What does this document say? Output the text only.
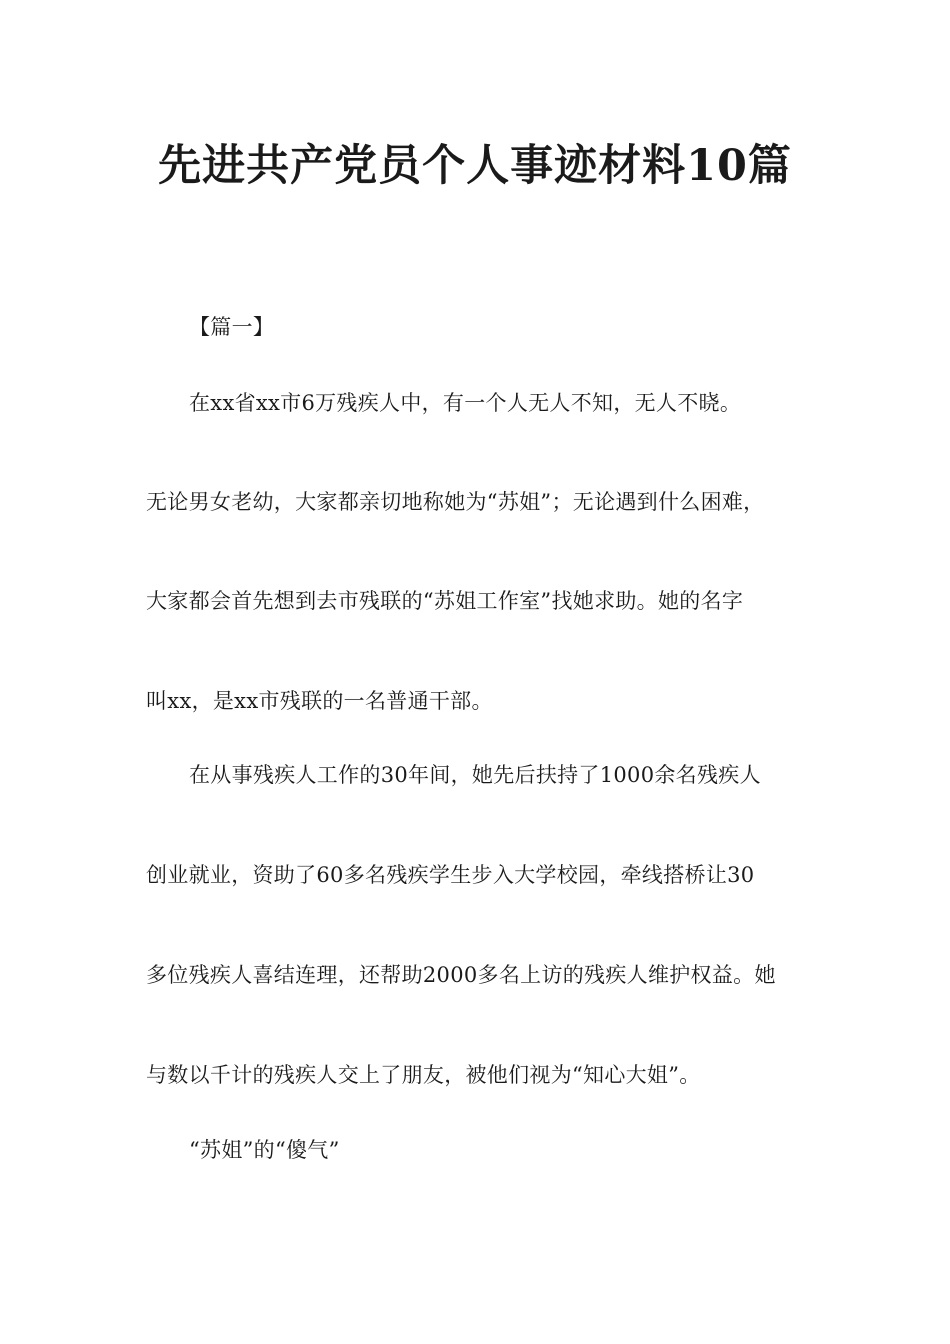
先进共产党员个人事迹材料10篇
【篇一】
在xx省xx市6万残疾人中，有一个人无人不知，无人不晓。
无论男女老幼，大家都亲切地称她为“苏姐”；无论遇到什么困难，
大家都会首先想到去市残联的“苏姐工作室”找她求助。她的名字
叫xx，是xx市残联的一名普通干部。
在从事残疾人工作的30年间，她先后扶持了1000余名残疾人
创业就业，资助了60多名残疾学生步入大学校园，牵线搭桥让30
多位残疾人喜结连理，还帮助2000多名上访的残疾人维护权益。她
与数以千计的残疾人交上了朋友，被他们视为“知心大姐”。
“苏姐”的“傻气”
